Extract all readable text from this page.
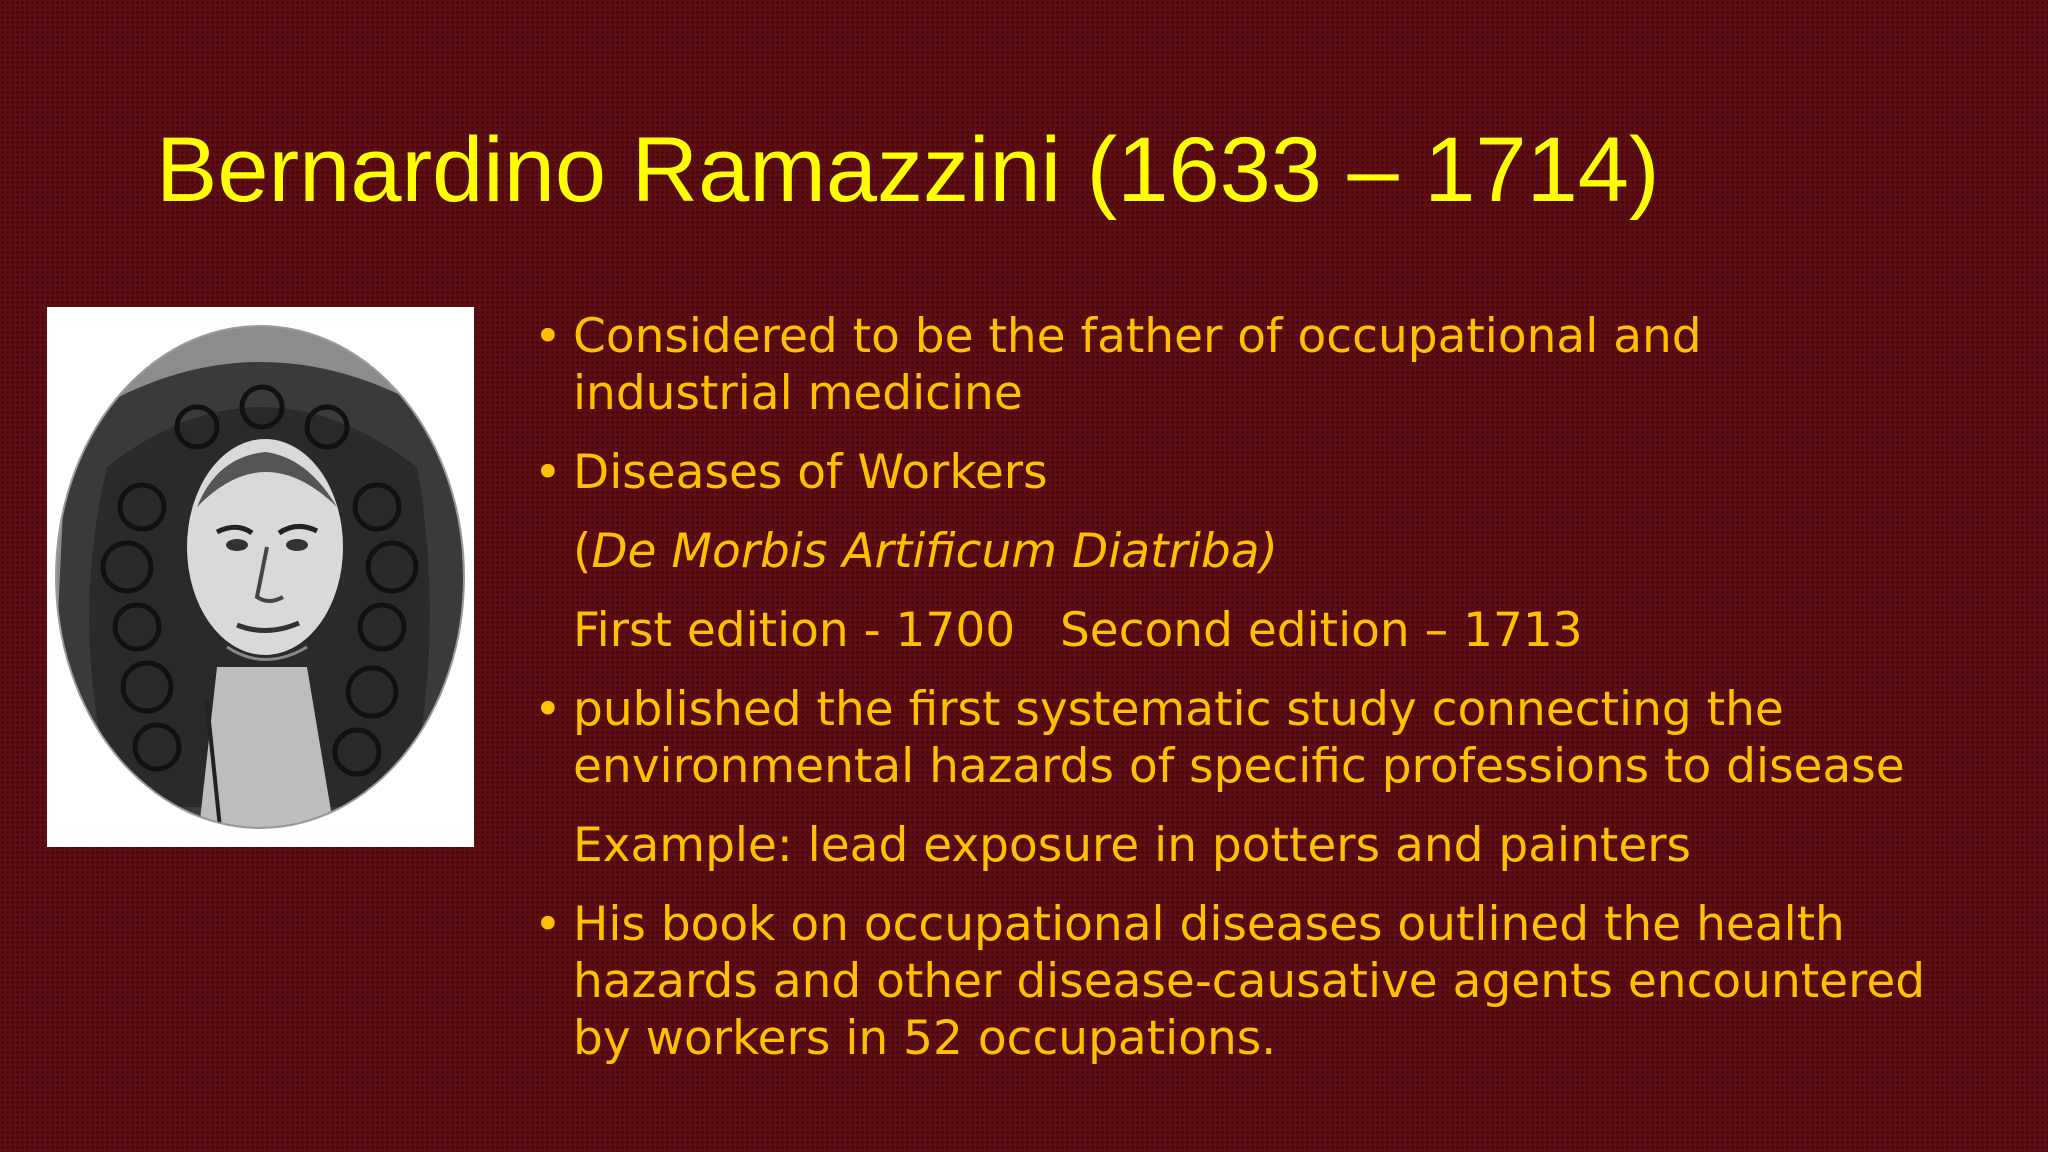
Bernardino Ramazzini (1633 – 1714)
• Considered to be the father of occupational and
industrial medicine
• Diseases of Workers
(De Morbis Artificum Diatriba)
First edition - 1700   Second edition – 1713
• published the first systematic study connecting the
environmental hazards of specific professions to disease
Example: lead exposure in potters and painters
• His book on occupational diseases outlined the health
hazards and other disease-causative agents encountered
by workers in 52 occupations.
